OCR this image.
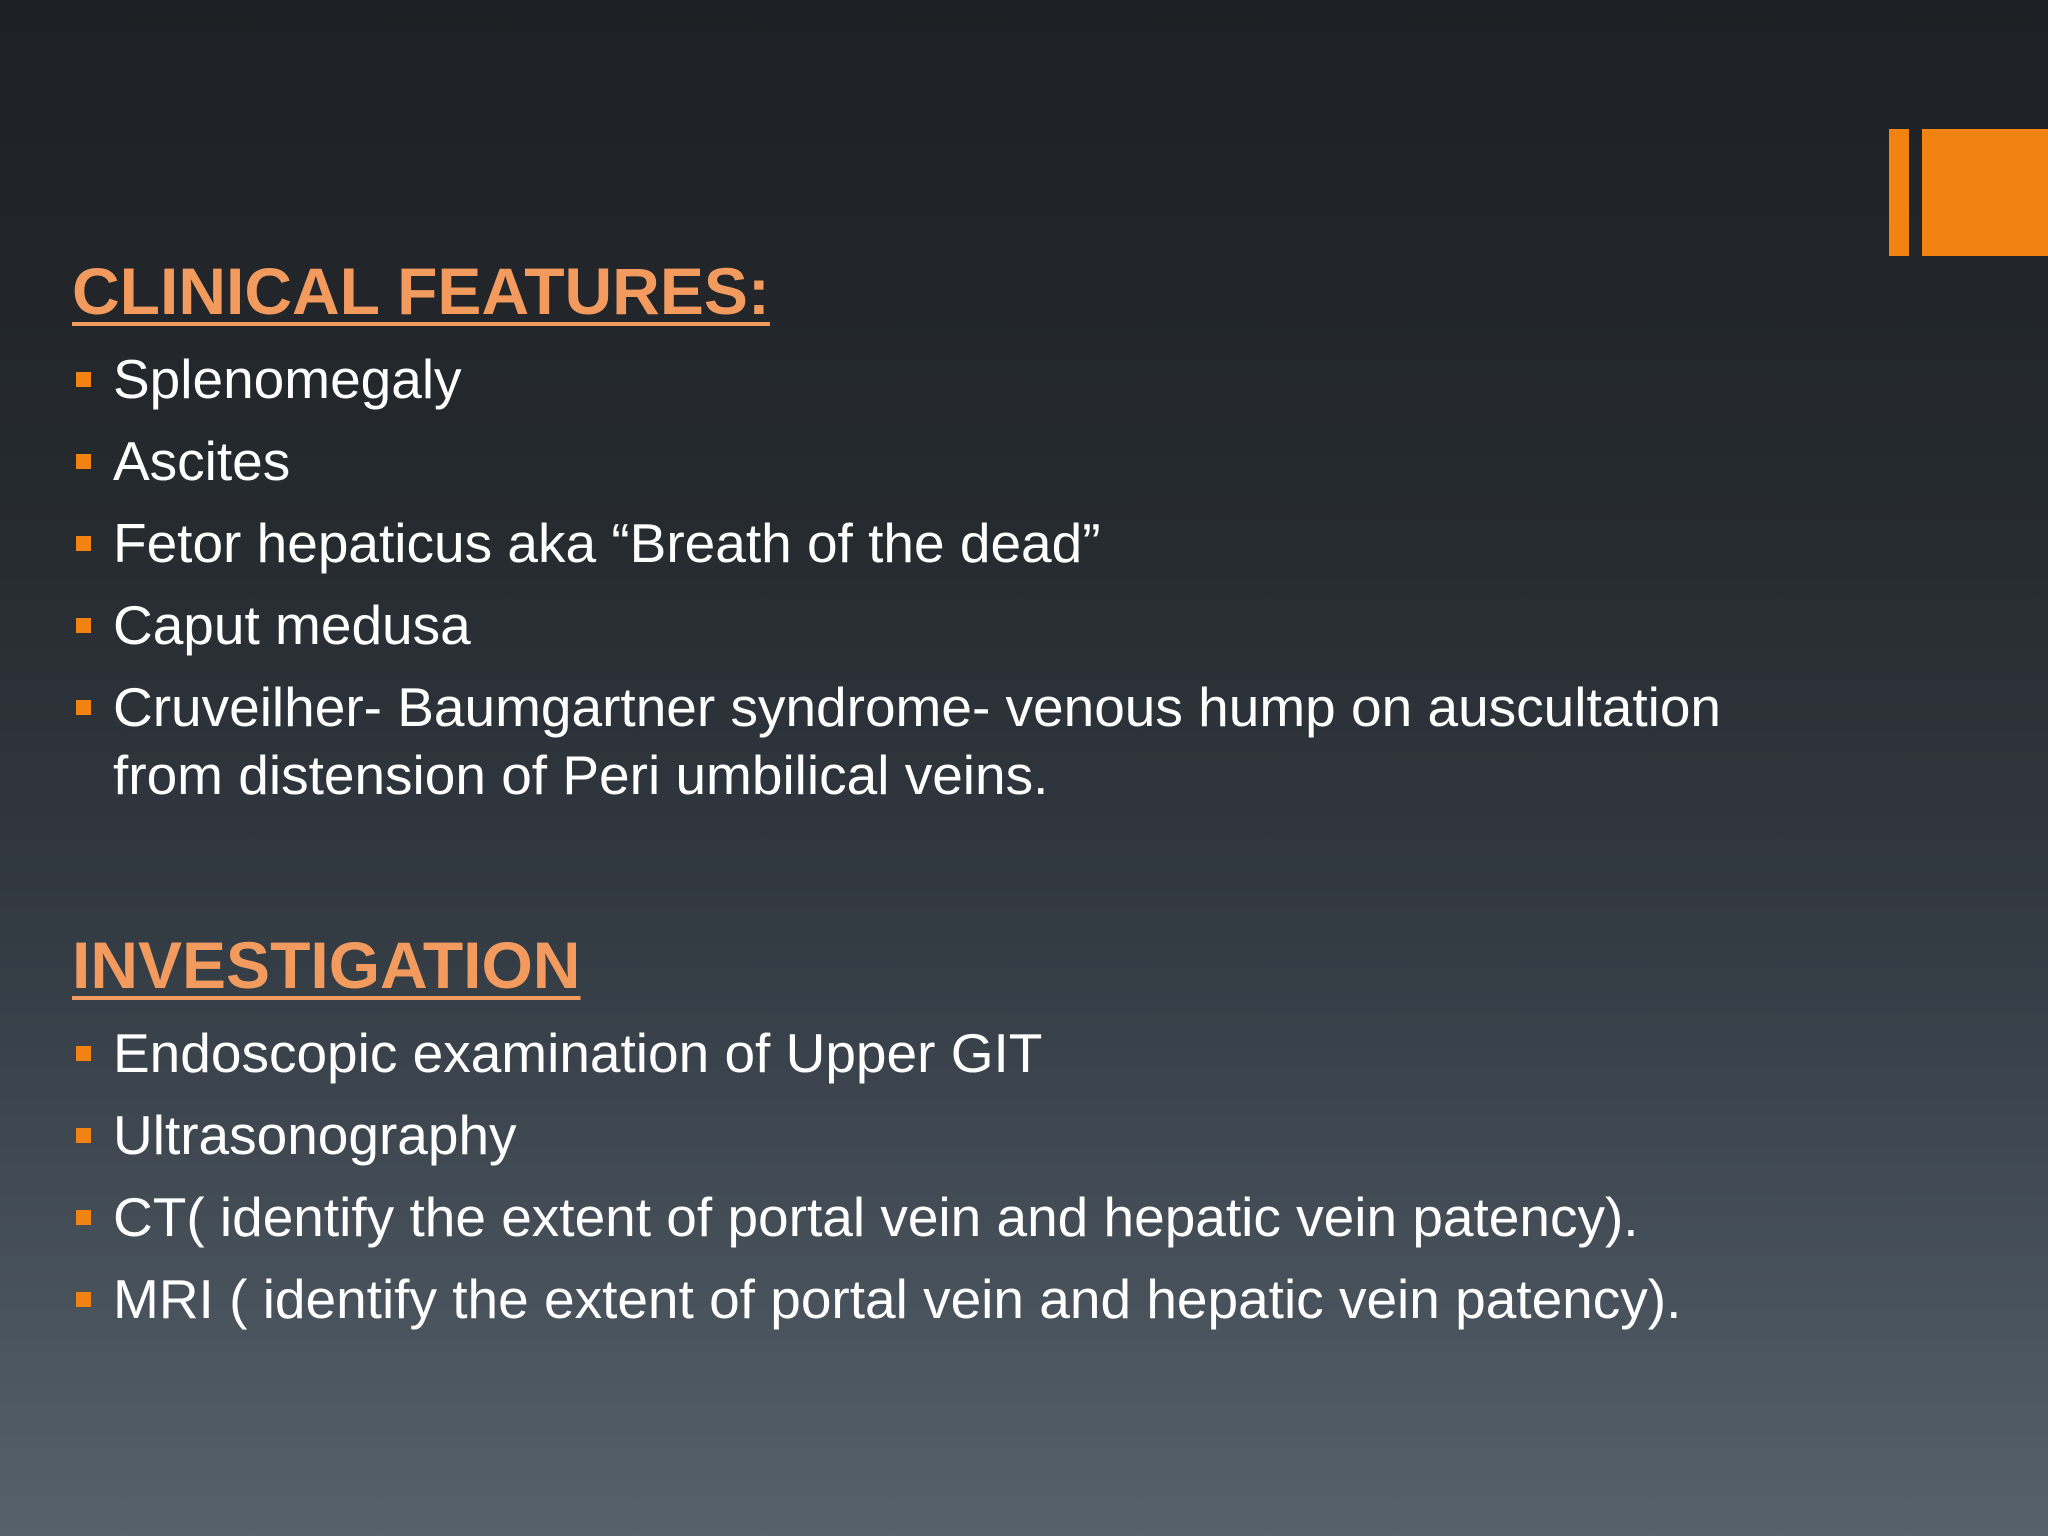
CLINICAL FEATURES:
Splenomegaly
Ascites
Fetor hepaticus aka “Breath of the dead”
Caput medusa
Cruveilher- Baumgartner syndrome- venous hump on auscultation from distension of Peri umbilical veins.
INVESTIGATION
Endoscopic examination of Upper GIT
Ultrasonography
CT( identify the extent of portal vein and hepatic vein patency).
MRI ( identify the extent of portal vein and hepatic vein patency).
